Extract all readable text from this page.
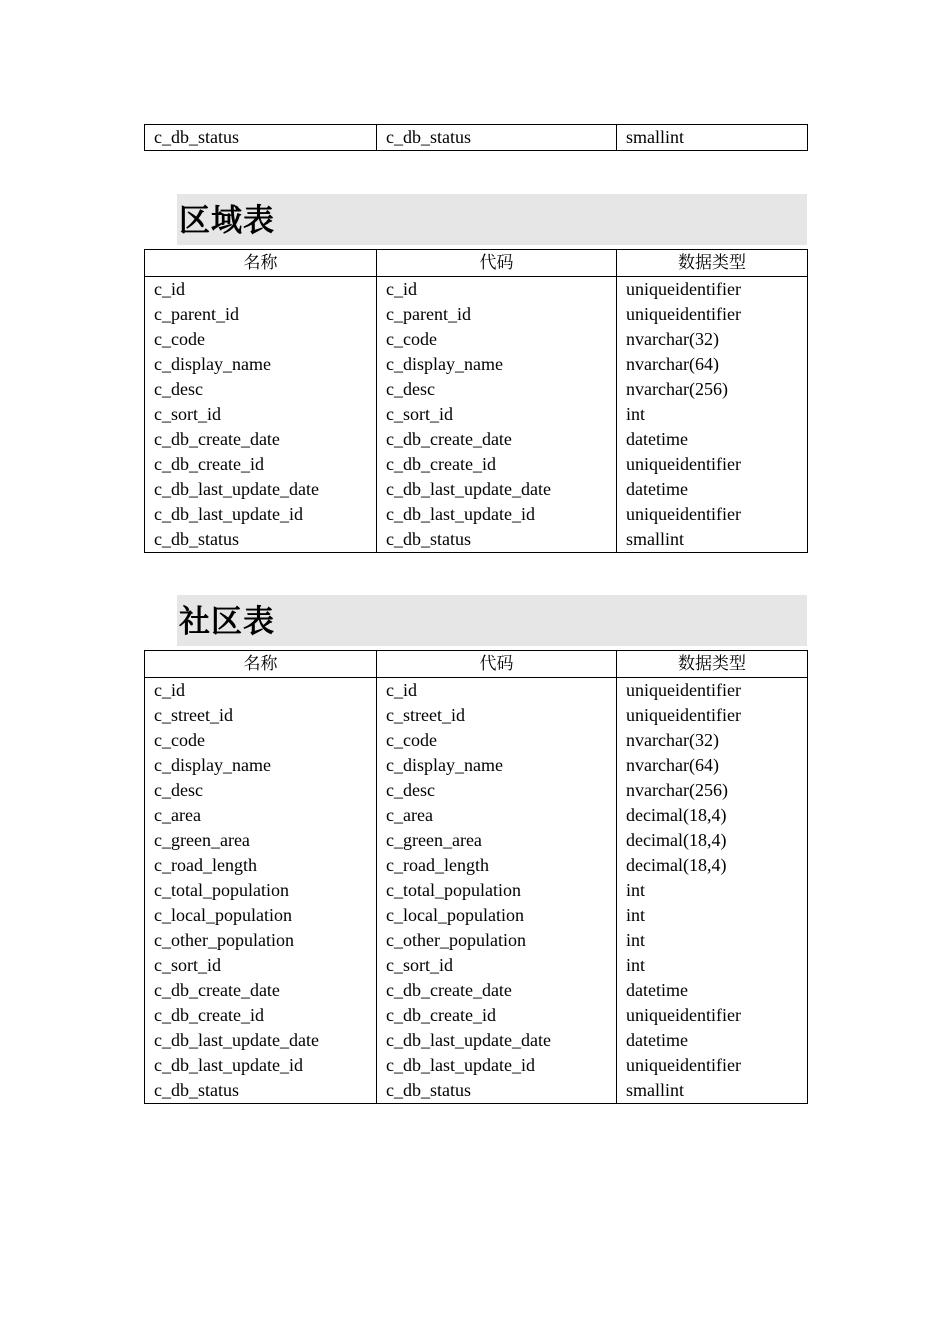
c_db_status	c_db_status	smallint
区域表
名称	代码	数据类型
c_id	c_id	uniqueidentifier
c_parent_id	c_parent_id	uniqueidentifier
c_code	c_code	nvarchar(32)
c_display_name	c_display_name	nvarchar(64)
c_desc	c_desc	nvarchar(256)
c_sort_id	c_sort_id	int
c_db_create_date	c_db_create_date	datetime
c_db_create_id	c_db_create_id	uniqueidentifier
c_db_last_update_date	c_db_last_update_date	datetime
c_db_last_update_id	c_db_last_update_id	uniqueidentifier
c_db_status	c_db_status	smallint
社区表
名称	代码	数据类型
c_id	c_id	uniqueidentifier
c_street_id	c_street_id	uniqueidentifier
c_code	c_code	nvarchar(32)
c_display_name	c_display_name	nvarchar(64)
c_desc	c_desc	nvarchar(256)
c_area	c_area	decimal(18,4)
c_green_area	c_green_area	decimal(18,4)
c_road_length	c_road_length	decimal(18,4)
c_total_population	c_total_population	int
c_local_population	c_local_population	int
c_other_population	c_other_population	int
c_sort_id	c_sort_id	int
c_db_create_date	c_db_create_date	datetime
c_db_create_id	c_db_create_id	uniqueidentifier
c_db_last_update_date	c_db_last_update_date	datetime
c_db_last_update_id	c_db_last_update_id	uniqueidentifier
c_db_status	c_db_status	smallint
